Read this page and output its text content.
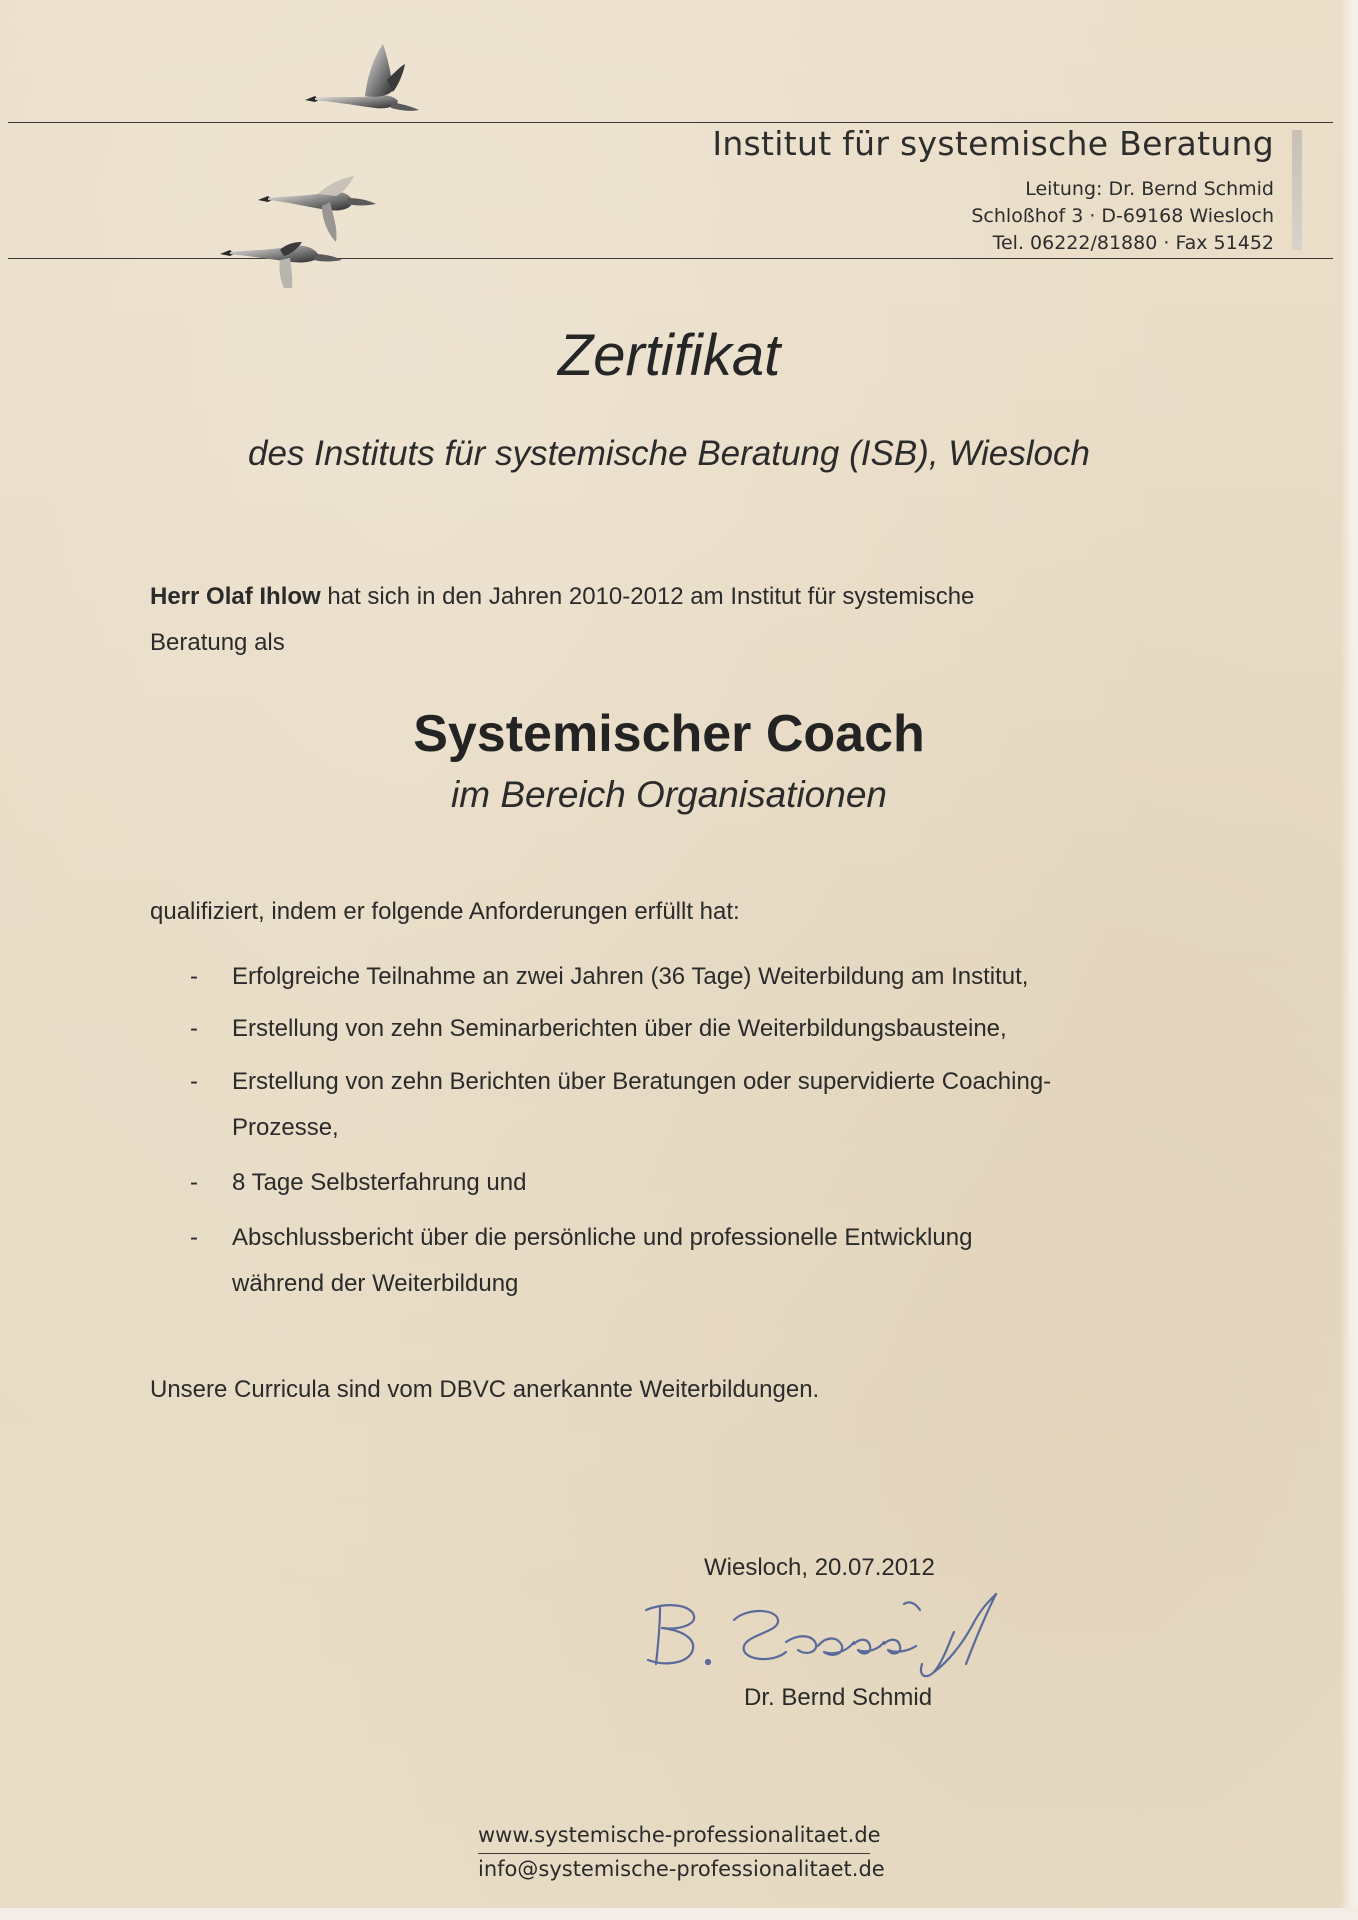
Institut für systemische Beratung
Leitung: Dr. Bernd Schmid
Schloßhof 3 · D-69168 Wiesloch
Tel. 06222/81880 · Fax 51452
Zertifikat
des Instituts für systemische Beratung (ISB), Wiesloch
Herr Olaf Ihlow hat sich in den Jahren 2010-2012 am Institut für systemische
Beratung als
Systemischer Coach
im Bereich Organisationen
qualifiziert, indem er folgende Anforderungen erfüllt hat:
-	Erfolgreiche Teilnahme an zwei Jahren (36 Tage) Weiterbildung am Institut,
-	Erstellung von zehn Seminarberichten über die Weiterbildungsbausteine,
-	Erstellung von zehn Berichten über Beratungen oder supervidierte Coaching-
Prozesse,
-	8 Tage Selbsterfahrung und
-	Abschlussbericht über die persönliche und professionelle Entwicklung
während der Weiterbildung
Unsere Curricula sind vom DBVC anerkannte Weiterbildungen.
Wiesloch, 20.07.2012
Dr. Bernd Schmid
www.systemische-professionalitaet.de
info@systemische-professionalitaet.de
